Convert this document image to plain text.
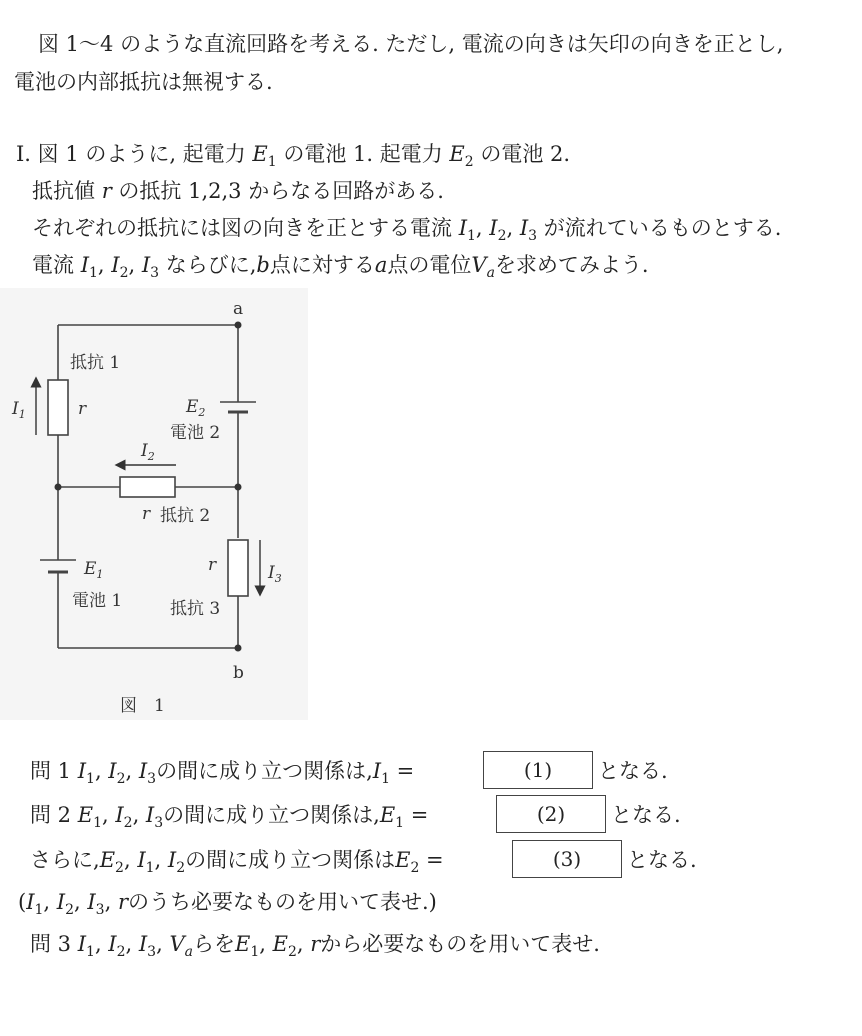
図 1〜4 のような直流回路を考える. ただし, 電流の向きは矢印の向きを正とし,
電池の内部抵抗は無視する.
I. 図 1 のように, 起電力 $E_1$ の電池 1. 起電力 $E_2$ の電池 2.
抵抗値 r の抵抗 1,2,3 からなる回路がある.
それぞれの抵抗には図の向きを正とする電流 $I_1$, $I_2$, $I_3$ が流れているものとする.
電流 $I_1$, $I_2$, $I_3$ ならびに,b点に対するa点の電位$V_a$を求めてみよう.
a
b
抵抗 1
r
$I_1$	$E_2$
電池 2
$I_2$
r 抵抗 2
r	$I_3$
抵抗 3
$E_1$
電池 1
図　1
問 1 $I_1$, $I_2$, $I_3$の間に成り立つ関係は$,I_1$ =	(1)	となる.
問 2 $E_1$, $I_2$, $I_3$の間に成り立つ関係は$,E_1$ =	(2)	となる.
さらに$,E_2$, $I_1$, $I_2$の間に成り立つ関係は$E_2$ =	(3)	となる.
($I_1$, $I_2$, $I_3$, rのうち必要なものを用いて表せ.)
問 3 $I_1$, $I_2$, $I_3$, $V_a$らを$E_1$, $E_2$, rから必要なものを用いて表せ.
